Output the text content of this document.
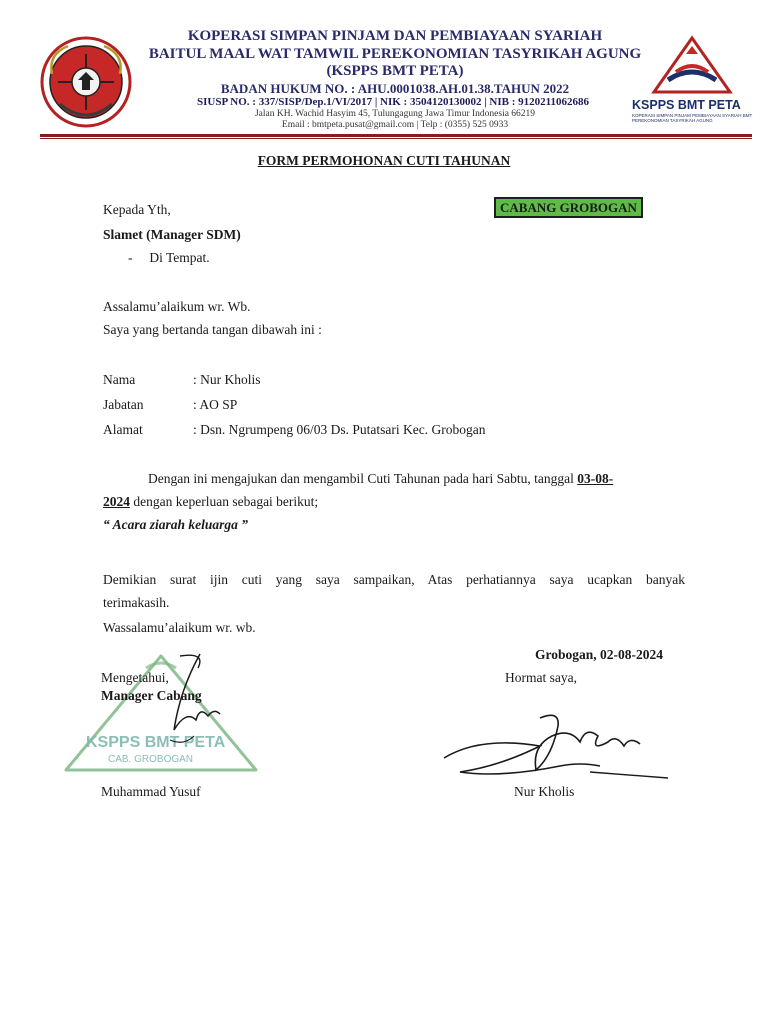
KOPERASI SIMPAN PINJAM DAN PEMBIAYAAN SYARIAH
BAITUL MAAL WAT TAMWIL PEREKONOMIAN TASYRIKAH AGUNG
(KSPPS BMT PETA)
BADAN HUKUM NO. : AHU.0001038.AH.01.38.TAHUN 2022
SIUSP NO. : 337/SISP/Dep.1/VI/2017 | NIK : 3504120130002 | NIB : 9120211062686
Jalan KH. Wachid Hasyim 45, Tulungagung Jawa Timur Indonesia 66219
Email : bmtpeta.pusat@gmail.com | Telp : (0355) 525 0933
KSPPS BMT PETA
KOPERASI SIMPAN PINJAM PEMBIAYAAN SYARIAH BMT PEREKONOMIAN TASYRIKAH AGUNG
FORM PERMOHONAN CUTI TAHUNAN
Kepada Yth,	CABANG GROBOGAN
Slamet (Manager SDM)
-     Di Tempat.
Assalamu’alaikum wr. Wb.
Saya yang bertanda tangan dibawah ini :
Nama	: Nur Kholis
Jabatan	: AO SP
Alamat	: Dsn. Ngrumpeng 06/03 Ds. Putatsari Kec. Grobogan
Dengan ini mengajukan dan mengambil Cuti Tahunan pada hari Sabtu, tanggal 03-08-
2024 dengan keperluan sebagai berikut;
“ Acara ziarah keluarga ”
Demikian surat ijin cuti yang saya sampaikan, Atas perhatiannya saya ucapkan banyak
terimakasih.
Wassalamu’alaikum wr. wb.
Grobogan, 02-08-2024
Hormat saya,
Nur Kholis
KSPPS BMT PETA
CAB. GROBOGAN
Mengetahui,
Manager Cabang
Muhammad Yusuf
